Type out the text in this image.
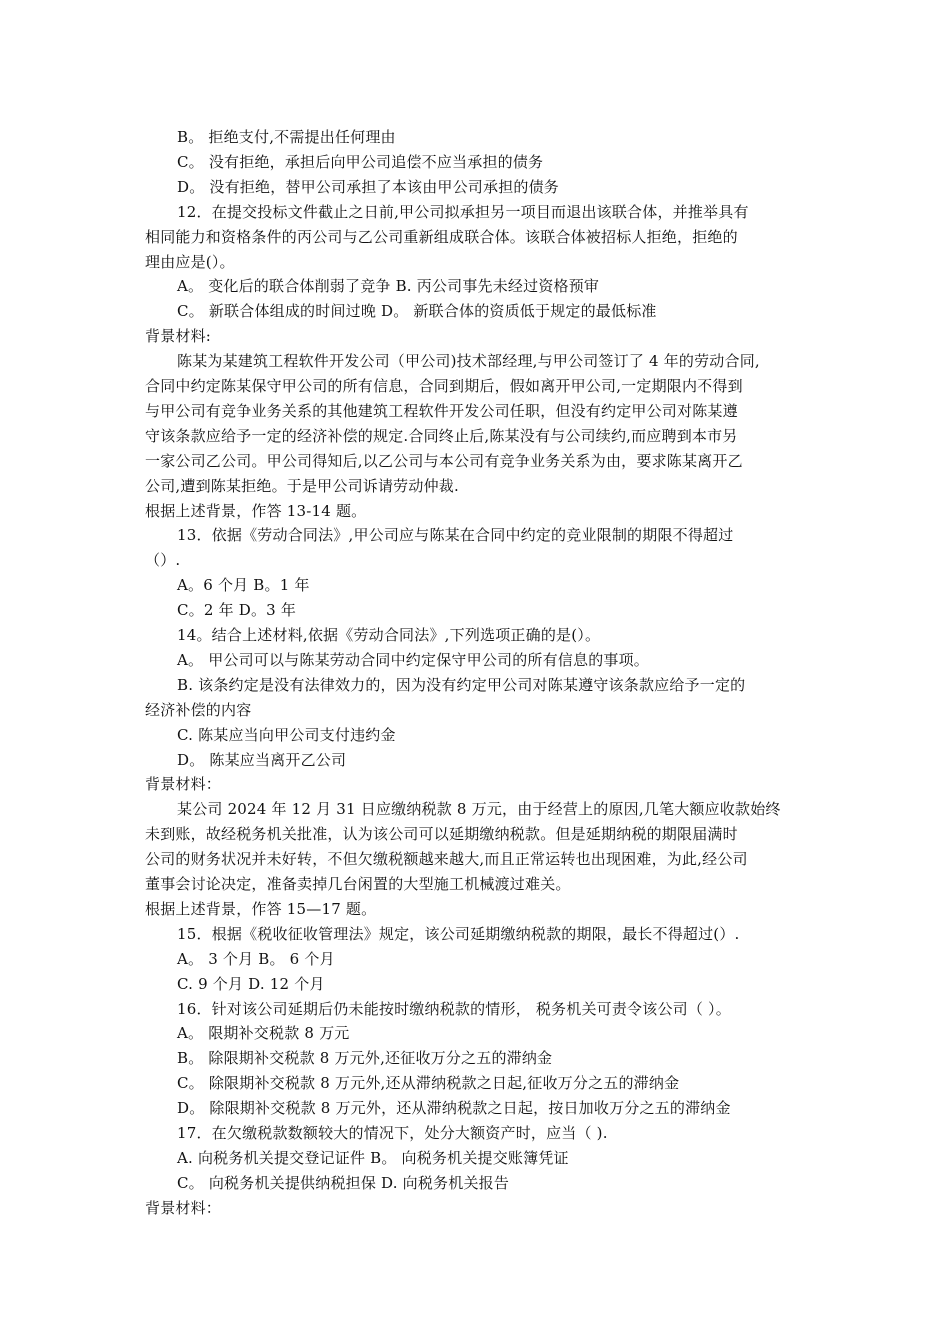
B。 拒绝支付,不需提出任何理由
C。 没有拒绝，承担后向甲公司追偿不应当承担的债务
D。 没有拒绝，替甲公司承担了本该由甲公司承担的债务
12．在提交投标文件截止之日前,甲公司拟承担另一项目而退出该联合体，并推举具有
相同能力和资格条件的丙公司与乙公司重新组成联合体。该联合体被招标人拒绝，拒绝的
理由应是(）。
A。 变化后的联合体削弱了竞争 B. 丙公司事先未经过资格预审
C。 新联合体组成的时间过晚 D。 新联合体的资质低于规定的最低标准
背景材料:
陈某为某建筑工程软件开发公司（甲公司)技术部经理,与甲公司签订了 4 年的劳动合同,
合同中约定陈某保守甲公司的所有信息，合同到期后，假如离开甲公司,一定期限内不得到
与甲公司有竞争业务关系的其他建筑工程软件开发公司任职，但没有约定甲公司对陈某遵
守该条款应给予一定的经济补偿的规定.合同终止后,陈某没有与公司续约,而应聘到本市另
一家公司乙公司。甲公司得知后,以乙公司与本公司有竞争业务关系为由，要求陈某离开乙
公司,遭到陈某拒绝。于是甲公司诉请劳动仲裁.
根据上述背景，作答 13-14 题。
13．依据《劳动合同法》,甲公司应与陈某在合同中约定的竞业限制的期限不得超过
（）.
A。6 个月 B。1 年
C。2 年 D。3 年
14。结合上述材料,依据《劳动合同法》,下列选项正确的是(）。
A。 甲公司可以与陈某劳动合同中约定保守甲公司的所有信息的事项。
B. 该条约定是没有法律效力的，因为没有约定甲公司对陈某遵守该条款应给予一定的
经济补偿的内容
C. 陈某应当向甲公司支付违约金
D。 陈某应当离开乙公司
背景材料：
某公司 2024 年 12 月 31 日应缴纳税款 8 万元，由于经营上的原因,几笔大额应收款始终
未到账，故经税务机关批准，认为该公司可以延期缴纳税款。但是延期纳税的期限届满时
公司的财务状况并未好转，不但欠缴税额越来越大,而且正常运转也出现困难，为此,经公司
董事会讨论决定，准备卖掉几台闲置的大型施工机械渡过难关。
根据上述背景，作答 15—17 题。
15．根据《税收征收管理法》规定，该公司延期缴纳税款的期限，最长不得超过(）.
A。 3 个月 B。 6 个月
C. 9 个月 D. 12 个月
16．针对该公司延期后仍未能按时缴纳税款的情形， 税务机关可责令该公司（ ）。
A。 限期补交税款 8 万元
B。 除限期补交税款 8 万元外,还征收万分之五的滞纳金
C。 除限期补交税款 8 万元外,还从滞纳税款之日起,征收万分之五的滞纳金
D。 除限期补交税款 8 万元外，还从滞纳税款之日起，按日加收万分之五的滞纳金
17．在欠缴税款数额较大的情况下，处分大额资产时，应当（ ).
A. 向税务机关提交登记证件 B。 向税务机关提交账簿凭证
C。 向税务机关提供纳税担保 D. 向税务机关报告
背景材料：
